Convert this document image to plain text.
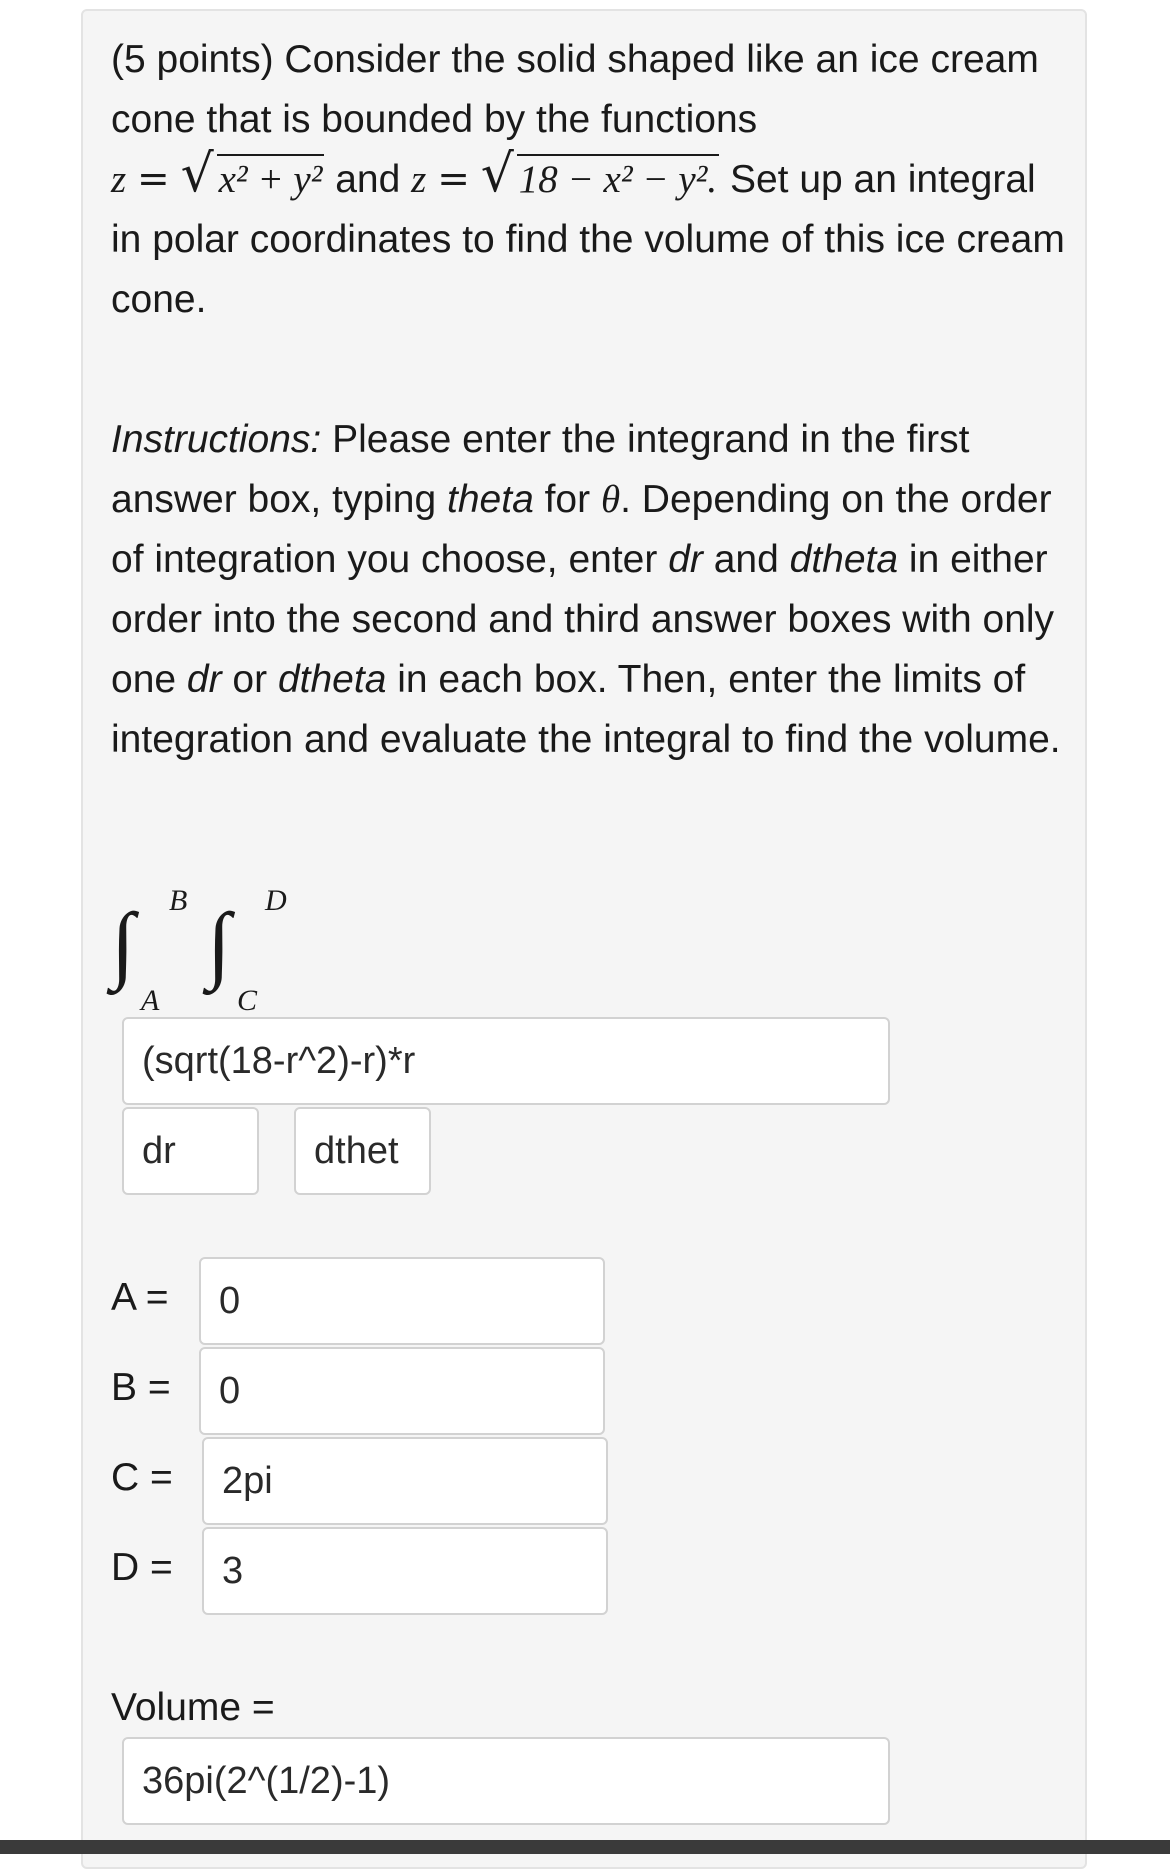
(5 points) Consider the solid shaped like an ice cream cone that is bounded by the functions
z = √ x² + y² and z = √ 18 − x² − y². Set up an integral in polar coordinates to find the volume of this ice cream cone.
Instructions: Please enter the integrand in the first answer box, typing theta for θ. Depending on the order of integration you choose, enter dr and dtheta in either order into the second and third answer boxes with only one dr or dtheta in each box. Then, enter the limits of integration and evaluate the integral to find the volume.
∫ B
A
∫ D
C
(sqrt(18-r^2)-r)*r
dr	dthet
A = 0
B = 0
C = 2pi
D = 3
Volume =
36pi(2^(1/2)-1)
